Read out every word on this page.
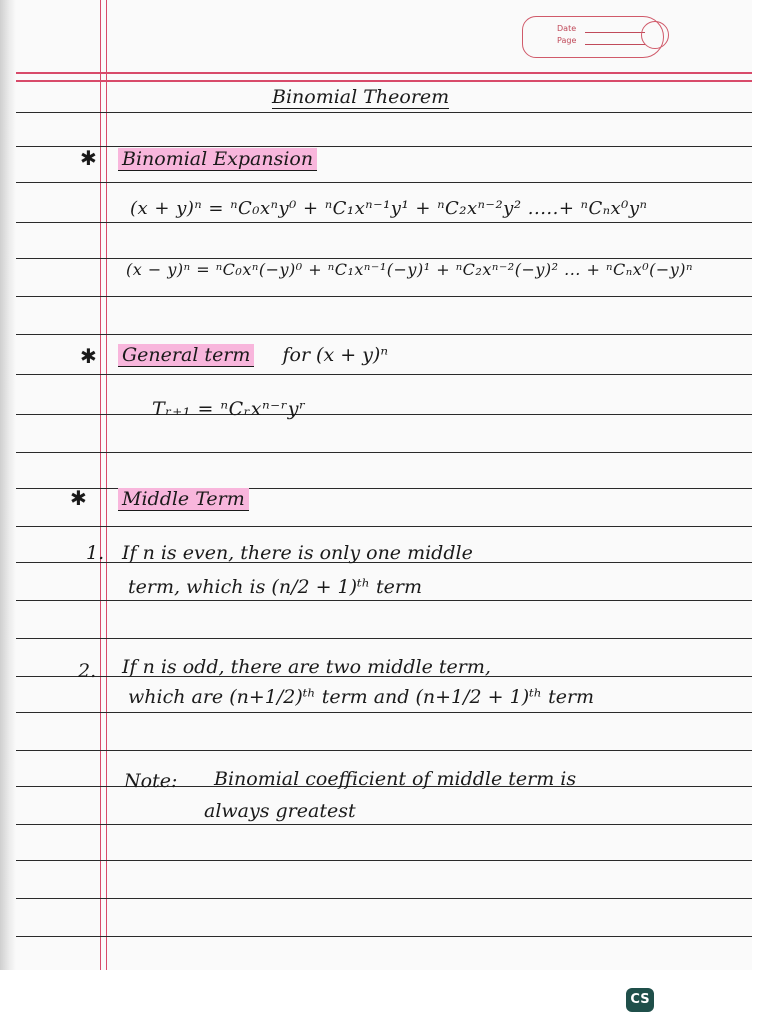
Date
Page
Binomial Theorem
✱ Binomial Expansion
(x + y)ⁿ = ⁿC₀xⁿy⁰ + ⁿC₁xⁿ⁻¹y¹ + ⁿC₂xⁿ⁻²y² .....+ ⁿCₙx⁰yⁿ
(x − y)ⁿ = ⁿC₀xⁿ(−y)⁰ + ⁿC₁xⁿ⁻¹(−y)¹ + ⁿC₂xⁿ⁻²(−y)² ... + ⁿCₙx⁰(−y)ⁿ
✱ General term for (x + y)ⁿ
Tᵣ₊₁ = ⁿCᵣxⁿ⁻ʳyʳ
✱ Middle Term
1. If n is even, there is only one middle
term, which is (n/2 + 1)ᵗʰ term
2. If n is odd, there are two middle term,
which are (n+1/2)ᵗʰ term and (n+1/2 + 1)ᵗʰ term
Note: Binomial coefficient of middle term is
always greatest
CS
